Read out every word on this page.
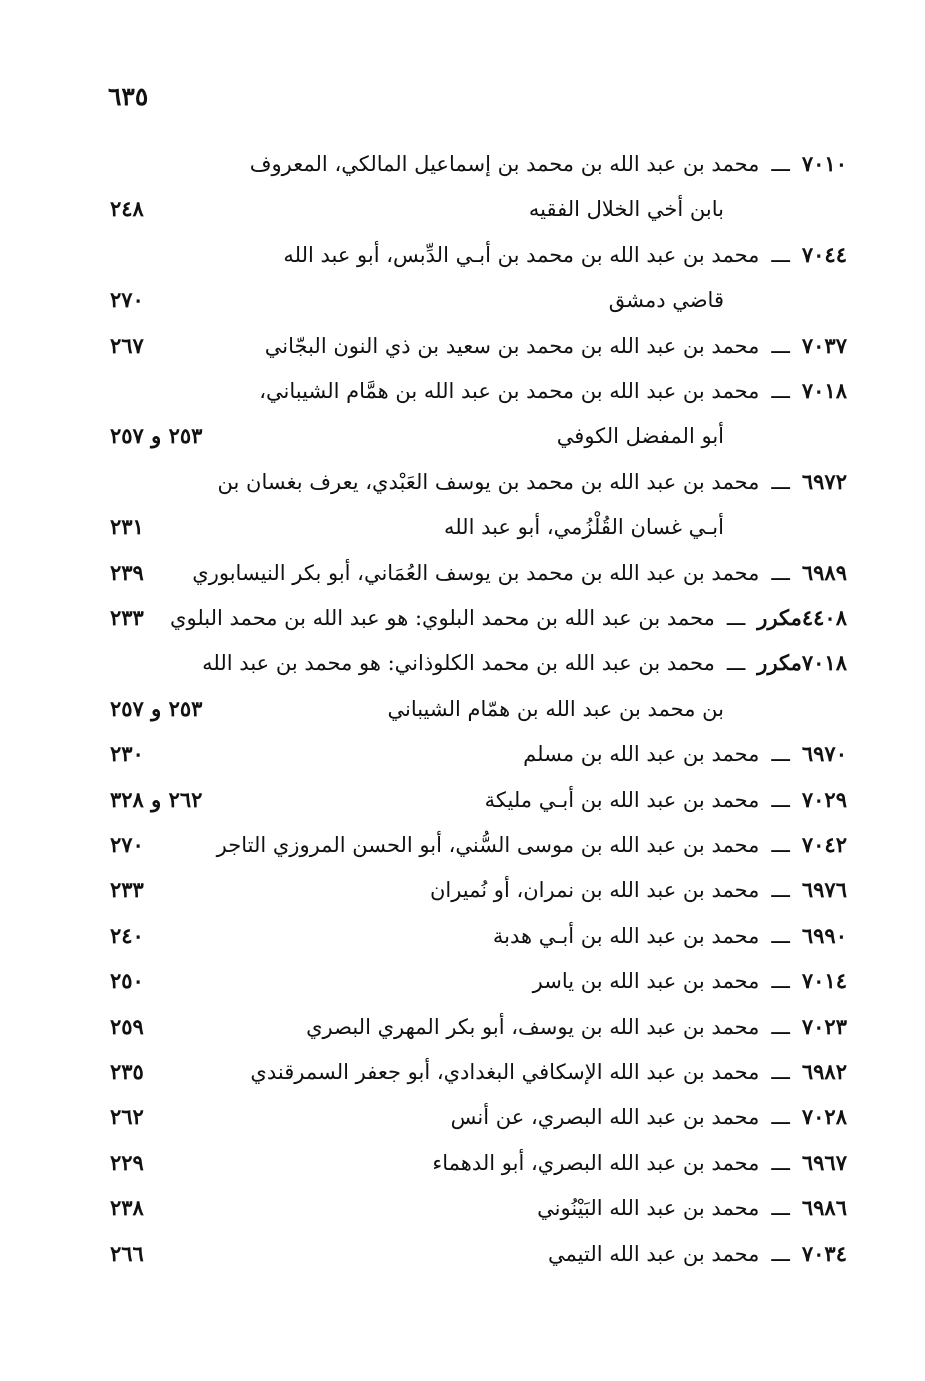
٦٣٥
٧٠١٠ـــمحمد بن عبد الله بن محمد بن إسماعيل المالكي، المعروف
بابن أخي الخلال الفقيه
٢٤٨
٧٠٤٤ـــمحمد بن عبد الله بن محمد بن أبـي الدِّبس، أبو عبد الله
قاضي دمشق
٢٧٠
٧٠٣٧ـــمحمد بن عبد الله بن محمد بن سعيد بن ذي النون البجّاني
٢٦٧
٧٠١٨ـــمحمد بن عبد الله بن محمد بن عبد الله بن همَّام الشيباني،
أبو المفضل الكوفي
٢٥٣ و ٢٥٧
٦٩٧٢ـــمحمد بن عبد الله بن محمد بن يوسف العَبْدي، يعرف بغسان بن
أبـي غسان القُلْزُمي، أبو عبد الله
٢٣١
٦٩٨٩ـــمحمد بن عبد الله بن محمد بن يوسف العُمَاني، أبو بكر النيسابوري
٢٣٩
٤٤٠٨مكررـــمحمد بن عبد الله بن محمد البلوي: هو عبد الله بن محمد البلوي
٢٣٣
٧٠١٨مكررـــمحمد بن عبد الله بن محمد الكلوذاني: هو محمد بن عبد الله
بن محمد بن عبد الله بن همّام الشيباني
٢٥٣ و ٢٥٧
٦٩٧٠ـــمحمد بن عبد الله بن مسلم
٢٣٠
٧٠٢٩ـــمحمد بن عبد الله بن أبـي مليكة
٢٦٢ و ٣٢٨
٧٠٤٢ـــمحمد بن عبد الله بن موسى السُّني، أبو الحسن المروزي التاجر
٢٧٠
٦٩٧٦ـــمحمد بن عبد الله بن نمران، أو نُميران
٢٣٣
٦٩٩٠ـــمحمد بن عبد الله بن أبـي هدبة
٢٤٠
٧٠١٤ـــمحمد بن عبد الله بن ياسر
٢٥٠
٧٠٢٣ـــمحمد بن عبد الله بن يوسف، أبو بكر المهري البصري
٢٥٩
٦٩٨٢ـــمحمد بن عبد الله الإسكافي البغدادي، أبو جعفر السمرقندي
٢٣٥
٧٠٢٨ـــمحمد بن عبد الله البصري، عن أنس
٢٦٢
٦٩٦٧ـــمحمد بن عبد الله البصري، أبو الدهماء
٢٢٩
٦٩٨٦ـــمحمد بن عبد الله البَيْنُوني
٢٣٨
٧٠٣٤ـــمحمد بن عبد الله التيمي
٢٦٦
